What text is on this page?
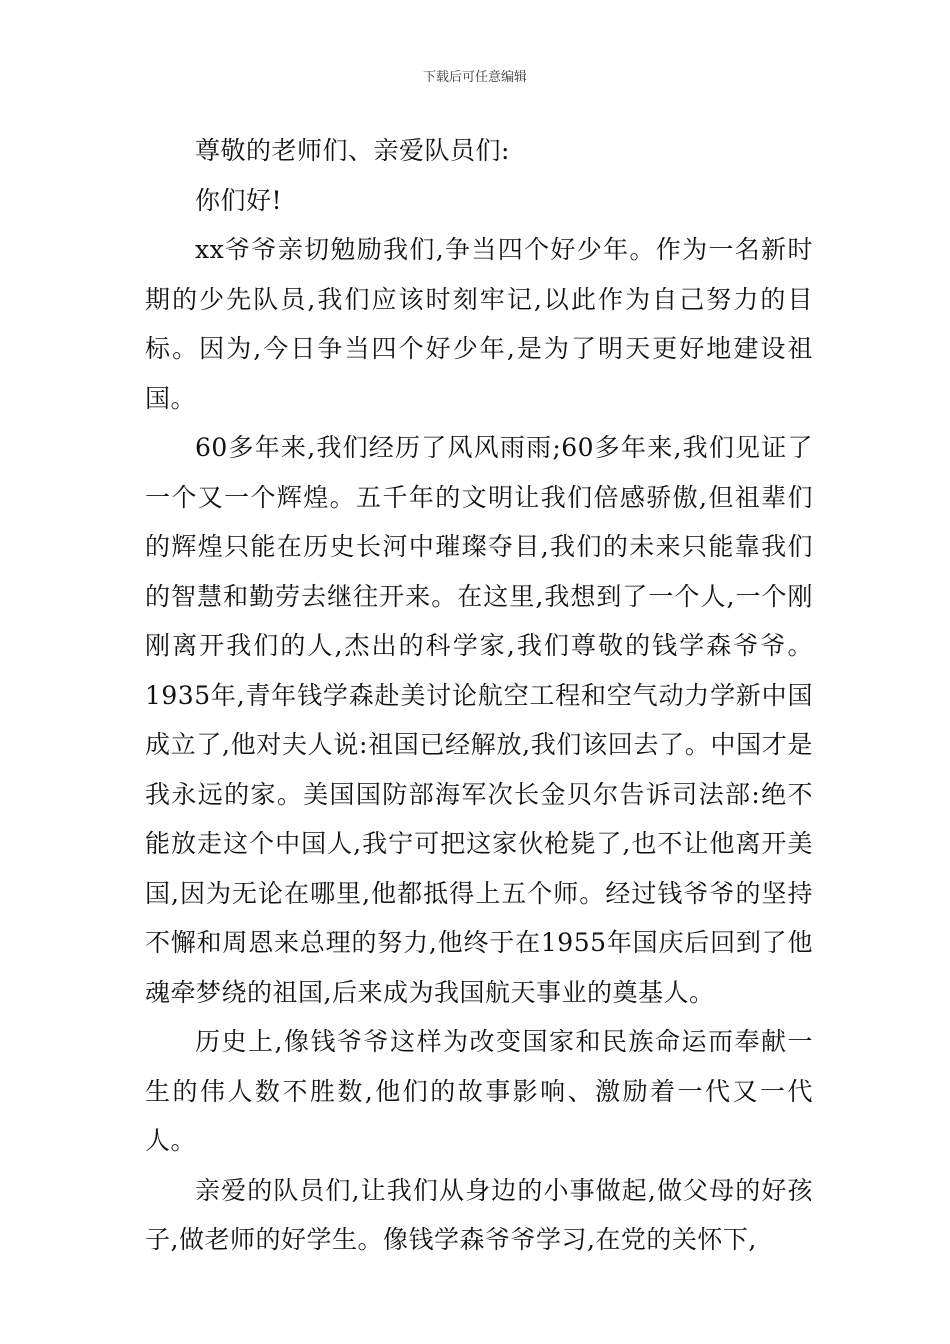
下载后可任意编辑

尊敬的老师们、亲爱队员们:

你们好!

xx爷爷亲切勉励我们,争当四个好少年。作为一名新时期的少先队员,我们应该时刻牢记,以此作为自己努力的目标。因为,今日争当四个好少年,是为了明天更好地建设祖国。

60多年来,我们经历了风风雨雨;60多年来,我们见证了一个又一个辉煌。五千年的文明让我们倍感骄傲,但祖辈们的辉煌只能在历史长河中璀璨夺目,我们的未来只能靠我们的智慧和勤劳去继往开来。在这里,我想到了一个人,一个刚刚离开我们的人,杰出的科学家,我们尊敬的钱学森爷爷。1935年,青年钱学森赴美讨论航空工程和空气动力学新中国成立了,他对夫人说:祖国已经解放,我们该回去了。中国才是我永远的家。美国国防部海军次长金贝尔告诉司法部:绝不能放走这个中国人,我宁可把这家伙枪毙了,也不让他离开美国,因为无论在哪里,他都抵得上五个师。经过钱爷爷的坚持不懈和周恩来总理的努力,他终于在1955年国庆后回到了他魂牵梦绕的祖国,后来成为我国航天事业的奠基人。

历史上,像钱爷爷这样为改变国家和民族命运而奉献一生的伟人数不胜数,他们的故事影响、激励着一代又一代人。

亲爱的队员们,让我们从身边的小事做起,做父母的好孩子,做老师的好学生。像钱学森爷爷学习,在党的关怀下,
